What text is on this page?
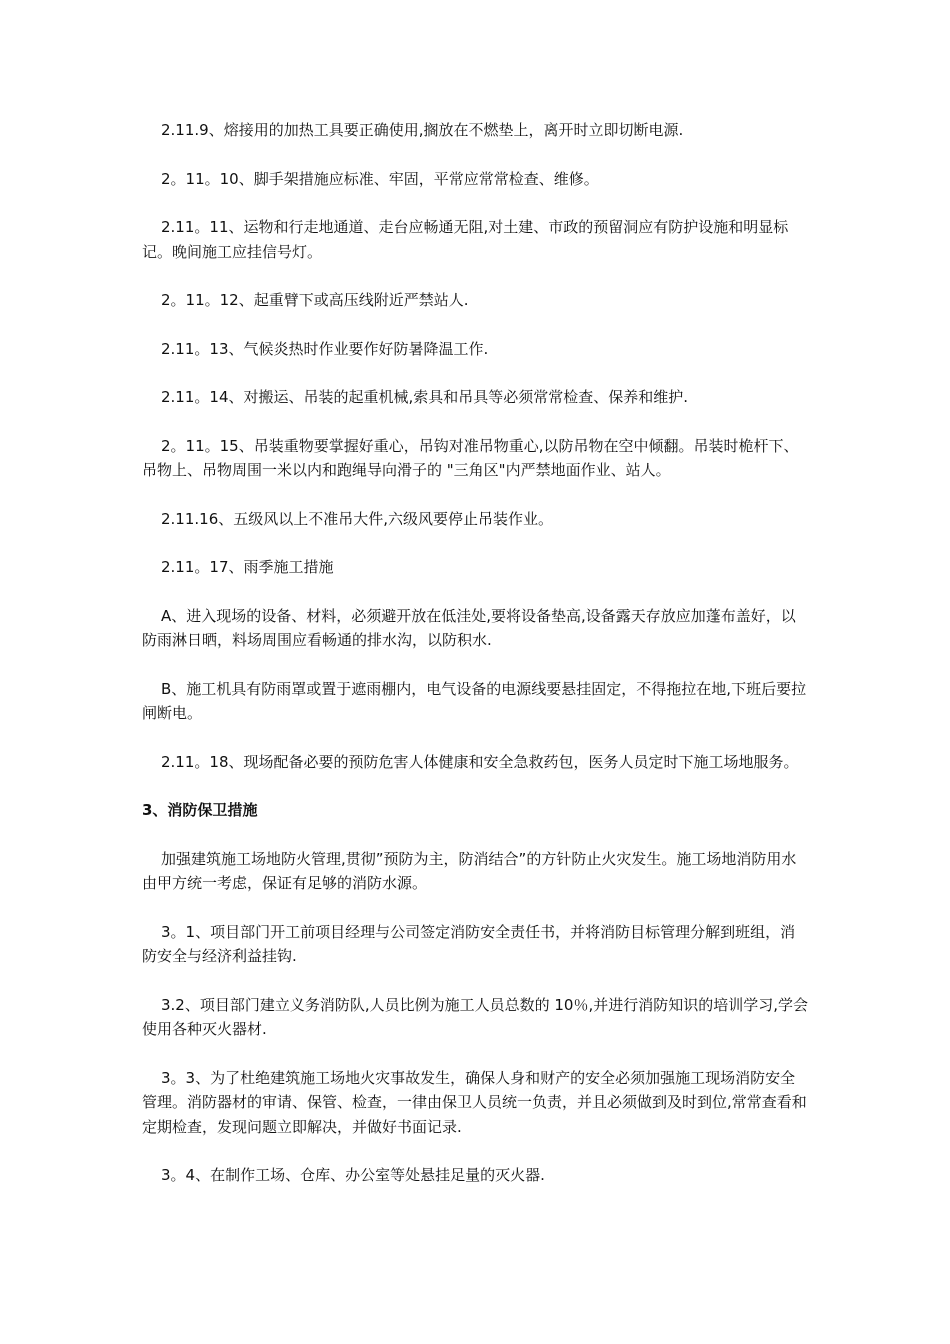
2.11.9、熔接用的加热工具要正确使用,搁放在不燃垫上，离开时立即切断电源.

2。11。10、脚手架措施应标准、牢固，平常应常常检查、维修。

2.11。11、运物和行走地通道、走台应畅通无阻,对土建、市政的预留洞应有防护设施和明显标记。晚间施工应挂信号灯。

2。11。12、起重臂下或高压线附近严禁站人.

2.11。13、气候炎热时作业要作好防暑降温工作.

2.11。14、对搬运、吊装的起重机械,索具和吊具等必须常常检查、保养和维护.

2。11。15、吊装重物要掌握好重心，吊钩对准吊物重心,以防吊物在空中倾翻。吊装时桅杆下、吊物上、吊物周围一米以内和跑绳导向滑子的 "三角区"内严禁地面作业、站人。

2.11.16、五级风以上不准吊大件,六级风要停止吊装作业。

2.11。17、雨季施工措施

A、进入现场的设备、材料，必须避开放在低洼处,要将设备垫高,设备露天存放应加蓬布盖好，以防雨淋日晒，料场周围应看畅通的排水沟，以防积水.

B、施工机具有防雨罩或置于遮雨棚内，电气设备的电源线要悬挂固定，不得拖拉在地,下班后要拉闸断电。

2.11。18、现场配备必要的预防危害人体健康和安全急救药包，医务人员定时下施工场地服务。

3、消防保卫措施

加强建筑施工场地防火管理,贯彻”预防为主，防消结合”的方针防止火灾发生。施工场地消防用水由甲方统一考虑，保证有足够的消防水源。

3。1、项目部门开工前项目经理与公司签定消防安全责任书，并将消防目标管理分解到班组，消防安全与经济利益挂钩.

3.2、项目部门建立义务消防队,人员比例为施工人员总数的 10％,并进行消防知识的培训学习,学会使用各种灭火器材.

3。3、为了杜绝建筑施工场地火灾事故发生，确保人身和财产的安全必须加强施工现场消防安全管理。消防器材的审请、保管、检查，一律由保卫人员统一负责，并且必须做到及时到位,常常查看和定期检查，发现问题立即解决，并做好书面记录.

3。4、在制作工场、仓库、办公室等处悬挂足量的灭火器.
